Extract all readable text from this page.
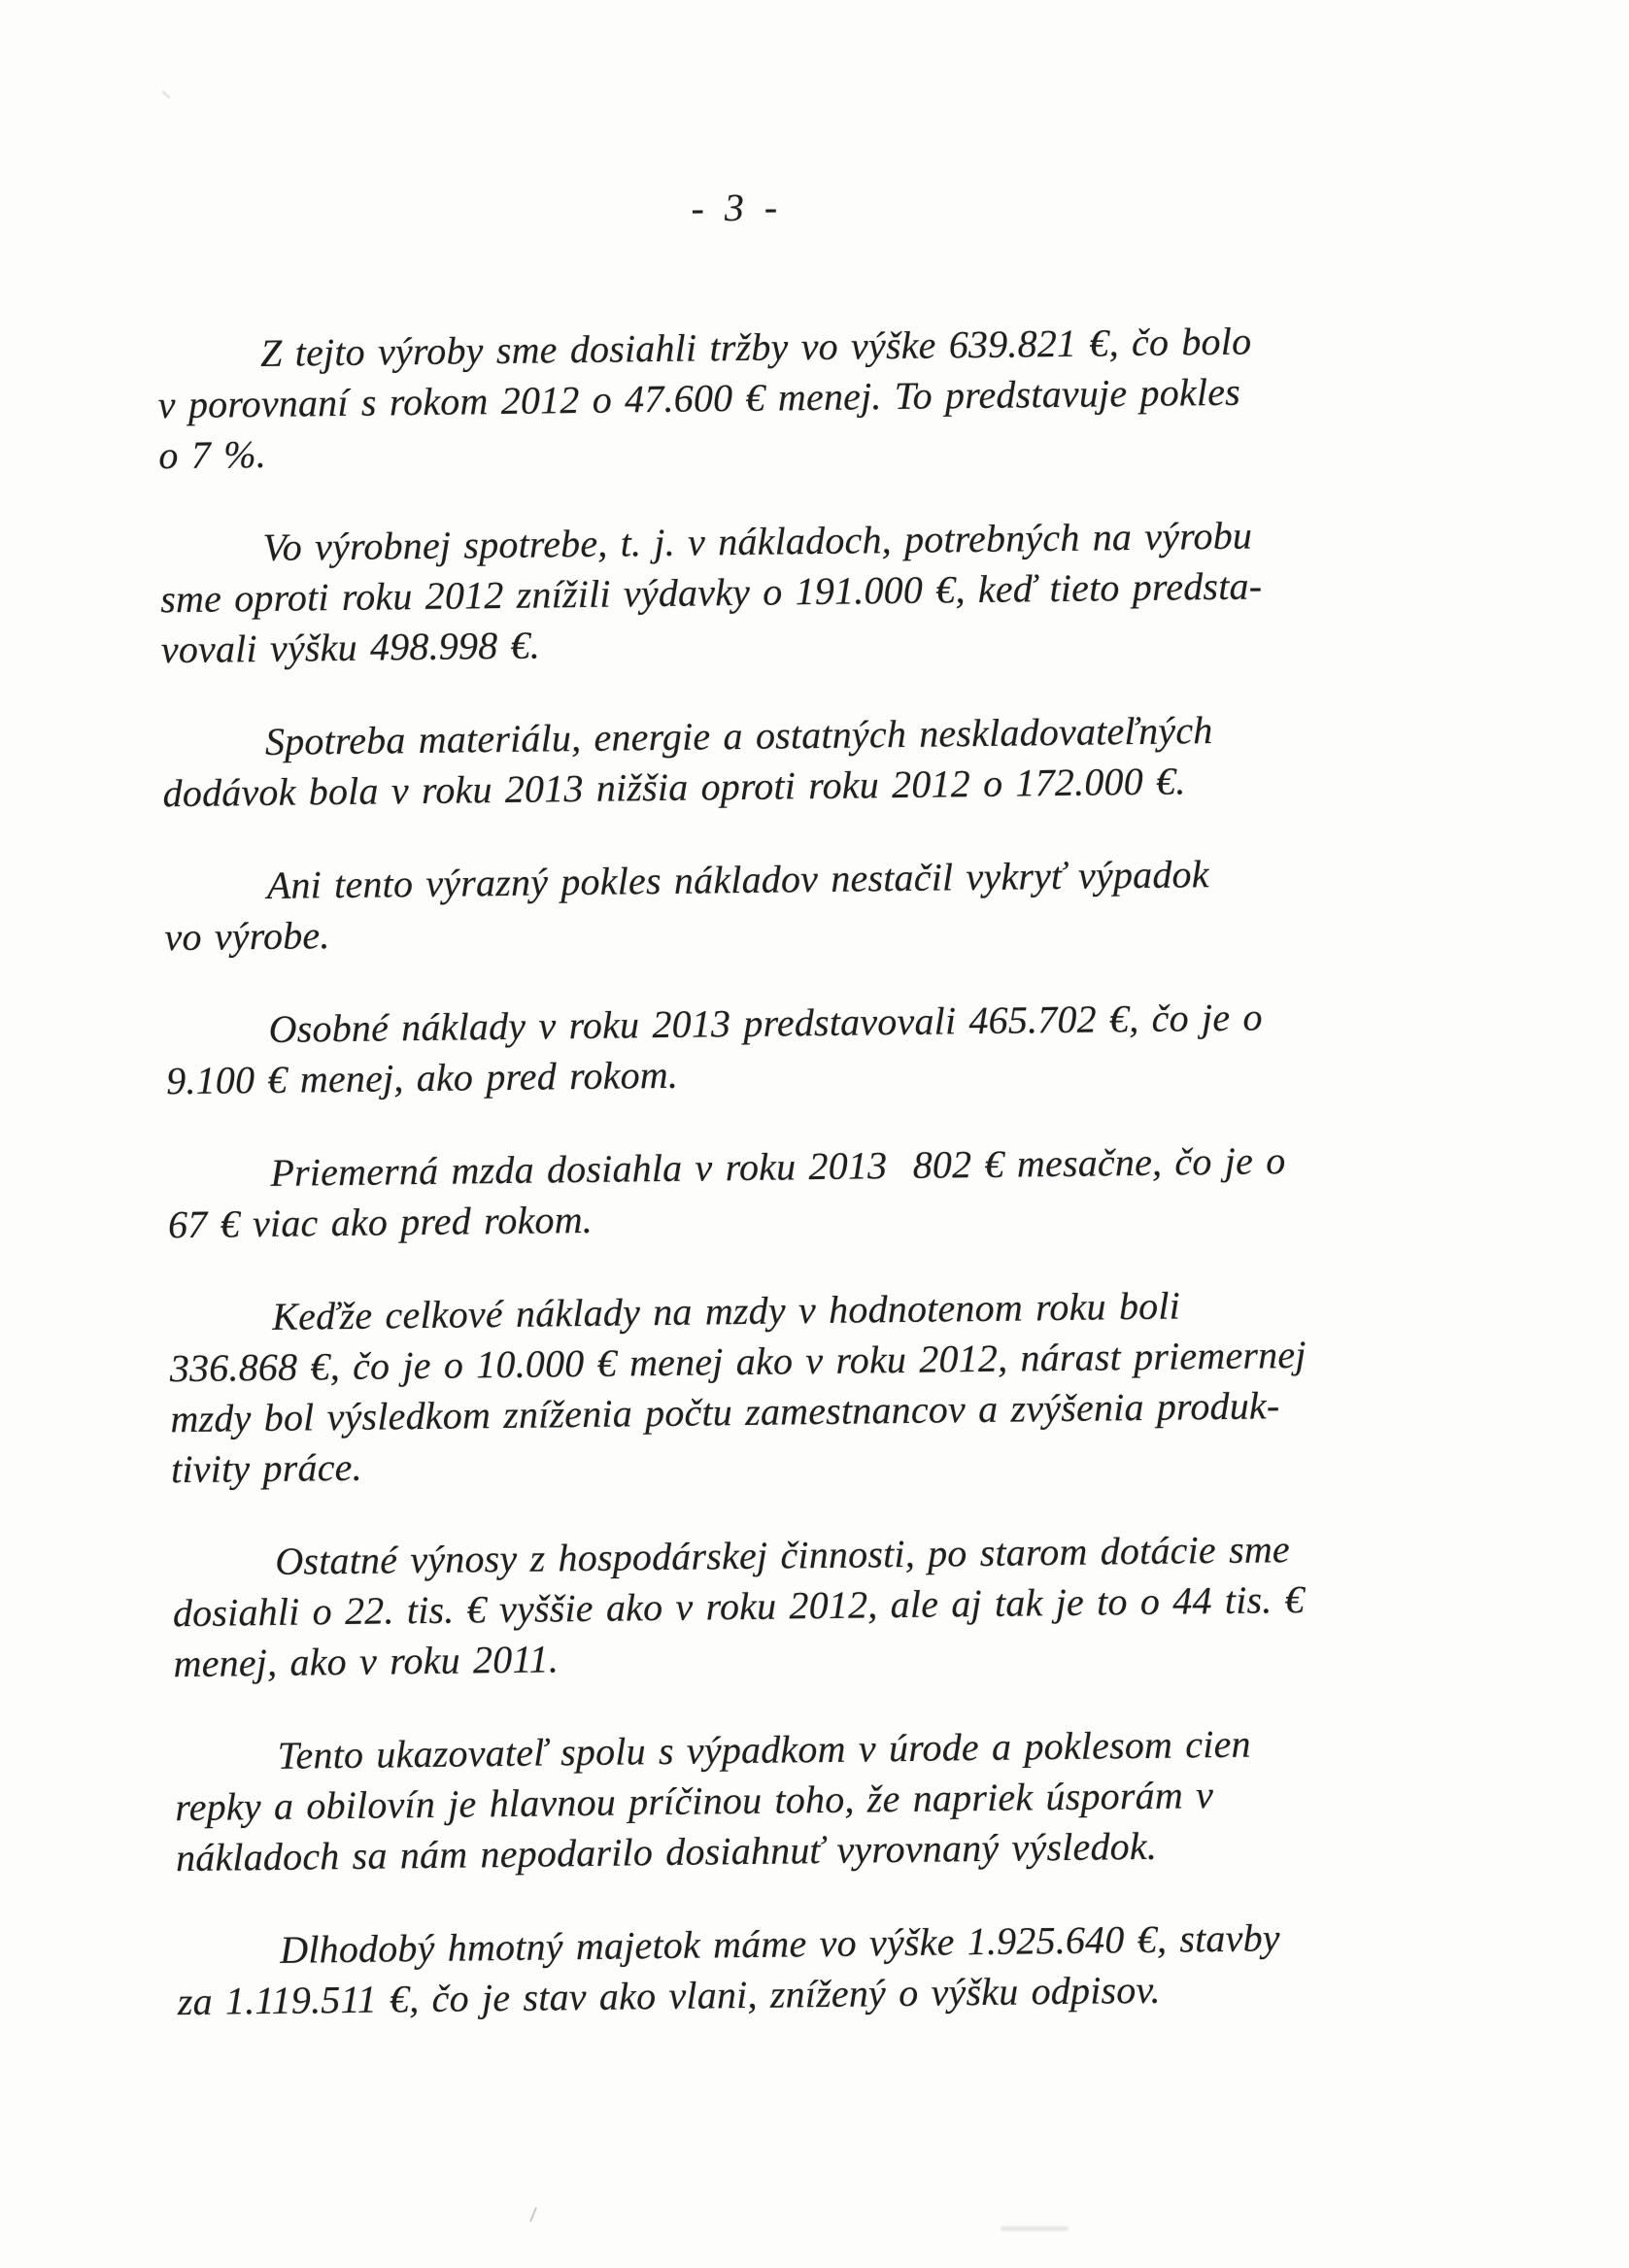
- 3 -

Z tejto výroby sme dosiahli tržby vo výške 639.821 €, čo bolo
v porovnaní s rokom 2012 o 47.600 € menej. To predstavuje pokles
o 7 %.

Vo výrobnej spotrebe, t. j. v nákladoch, potrebných na výrobu
sme oproti roku 2012 znížili výdavky o 191.000 €, keď tieto predsta-
vovali výšku 498.998 €.

Spotreba materiálu, energie a ostatných neskladovateľných
dodávok bola v roku 2013 nižšia oproti roku 2012 o 172.000 €.

Ani tento výrazný pokles nákladov nestačil vykryť výpadok
vo výrobe.

Osobné náklady v roku 2013 predstavovali 465.702 €, čo je o
9.100 € menej, ako pred rokom.

Priemerná mzda dosiahla v roku 2013  802 € mesačne, čo je o
67 € viac ako pred rokom.

Keďže celkové náklady na mzdy v hodnotenom roku boli
336.868 €, čo je o 10.000 € menej ako v roku 2012, nárast priemernej
mzdy bol výsledkom zníženia počtu zamestnancov a zvýšenia produk-
tivity práce.

Ostatné výnosy z hospodárskej činnosti, po starom dotácie sme
dosiahli o 22. tis. € vyššie ako v roku 2012, ale aj tak je to o 44 tis. €
menej, ako v roku 2011.

Tento ukazovateľ spolu s výpadkom v úrode a poklesom cien
repky a obilovín je hlavnou príčinou toho, že napriek úsporám v
nákladoch sa nám nepodarilo dosiahnuť vyrovnaný výsledok.

Dlhodobý hmotný majetok máme vo výške 1.925.640 €, stavby
za 1.119.511 €, čo je stav ako vlani, znížený o výšku odpisov.
